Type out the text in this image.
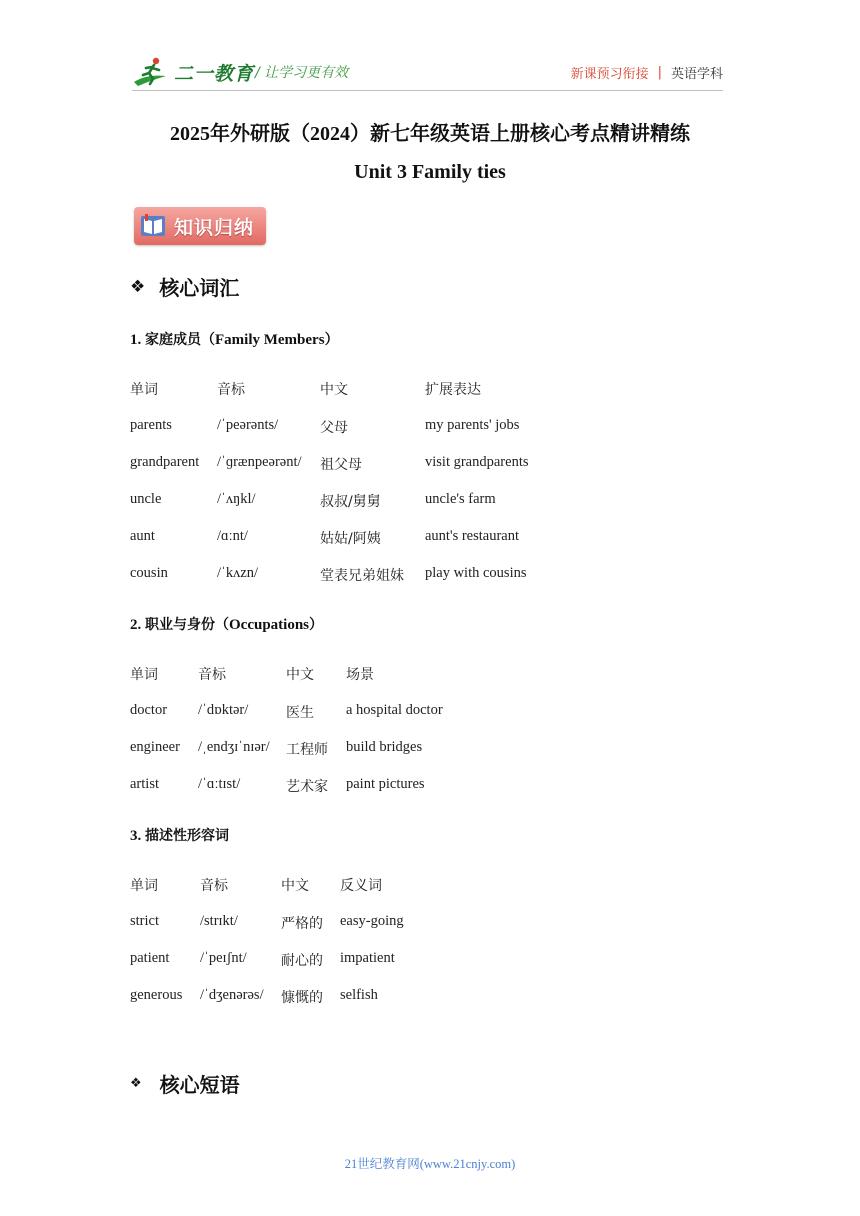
二一教育 / 让学习更有效	新课预习衔接 | 英语学科
2025年外研版（2024）新七年级英语上册核心考点精讲精练
Unit 3 Family ties
知识归纳
❖ 核心词汇
1. 家庭成员（Family Members）
单词	音标	中文	扩展表达
parents	/ˈpeərənts/	父母	my parents' jobs
grandparent /ˈɡrænpeərənt/ 祖父母	visit grandparents
uncle	/ˈʌŋkl/	叔叔/舅舅	uncle's farm
aunt	/ɑːnt/	姑姑/阿姨	aunt's restaurant
cousin	/ˈkʌzn/	堂表兄弟姐妹 play with cousins
2. 职业与身份（Occupations）
单词	音标	中文 场景
doctor /ˈdɒktər/	医生 a hospital doctor
engineer /ˌendʒɪˈnɪər/ 工程师 build bridges
artist	/ˈɑːtɪst/	艺术家 paint pictures
3. 描述性形容词
单词	音标	中文 反义词
strict	/strɪkt/	严格的 easy-going
patient /ˈpeɪʃnt/ 耐心的 impatient
generous /ˈdʒenərəs/ 慷慨的 selfish
❖ 核心短语
21世纪教育网(www.21cnjy.com)
